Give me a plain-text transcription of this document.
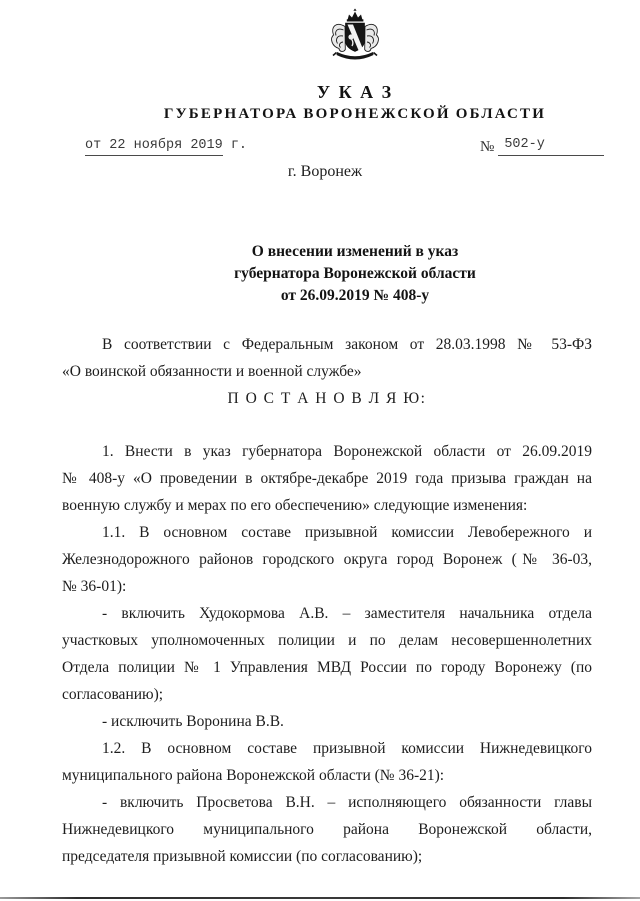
У К А З
ГУБЕРНАТОРА ВОРОНЕЖСКОЙ ОБЛАСТИ
от 22 ноября 2019 г.	№ 502-у
г. Воронеж
О внесении изменений в указ
губернатора Воронежской области
от 26.09.2019 № 408-у
В соответствии с Федеральным законом от 28.03.1998 № 53-ФЗ
«О воинской обязанности и военной службе»
П О С Т А Н О В Л Я Ю:
1. Внести в указ губернатора Воронежской области от 26.09.2019
№ 408-у «О проведении в октябре-декабре 2019 года призыва граждан на
военную службу и мерах по его обеспечению» следующие изменения:
1.1. В основном составе призывной комиссии Левобережного и
Железнодорожного районов городского округа город Воронеж (№ 36-03,
№ 36-01):
- включить Худокормова А.В. – заместителя начальника отдела
участковых уполномоченных полиции и по делам несовершеннолетних
Отдела полиции № 1 Управления МВД России по городу Воронежу (по
согласованию);
- исключить Воронина В.В.
1.2. В основном составе призывной комиссии Нижнедевицкого
муниципального района Воронежской области (№ 36-21):
- включить Просветова В.Н. – исполняющего обязанности главы
Нижнедевицкого муниципального района Воронежской области,
председателя призывной комиссии (по согласованию);
